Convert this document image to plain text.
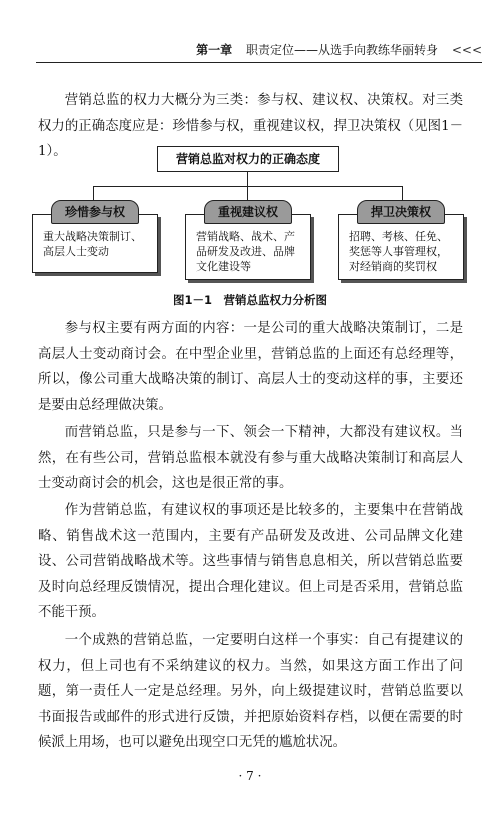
第一章 职责定位——从选手向教练华丽转身 <<<

营销总监的权力大概分为三类：参与权、建议权、决策权。对三类权力的正确态度应是：珍惜参与权，重视建议权，捍卫决策权（见图1－1）。	营销总监对权力的正确态度
珍惜参与权
重大战略决策制订、高层人士变动
重视建议权
营销战略、战术、产品研发及改进、品牌文化建设等
捍卫决策权
招聘、考核、任免、奖惩等人事管理权，对经销商的奖罚权
图1－1　营销总监权力分析图

参与权主要有两方面的内容：一是公司的重大战略决策制订，二是高层人士变动商讨会。在中型企业里，营销总监的上面还有总经理等，所以，像公司重大战略决策的制订、高层人士的变动这样的事，主要还是要由总经理做决策。

而营销总监，只是参与一下、领会一下精神，大都没有建议权。当然，在有些公司，营销总监根本就没有参与重大战略决策制订和高层人士变动商讨会的机会，这也是很正常的事。

作为营销总监，有建议权的事项还是比较多的，主要集中在营销战略、销售战术这一范围内，主要有产品研发及改进、公司品牌文化建设、公司营销战略战术等。这些事情与销售息息相关，所以营销总监要及时向总经理反馈情况，提出合理化建议。但上司是否采用，营销总监不能干预。

一个成熟的营销总监，一定要明白这样一个事实：自己有提建议的权力，但上司也有不采纳建议的权力。当然，如果这方面工作出了问题，第一责任人一定是总经理。另外，向上级提建议时，营销总监要以书面报告或邮件的形式进行反馈，并把原始资料存档，以便在需要的时候派上用场，也可以避免出现空口无凭的尴尬状况。

· 7 ·
